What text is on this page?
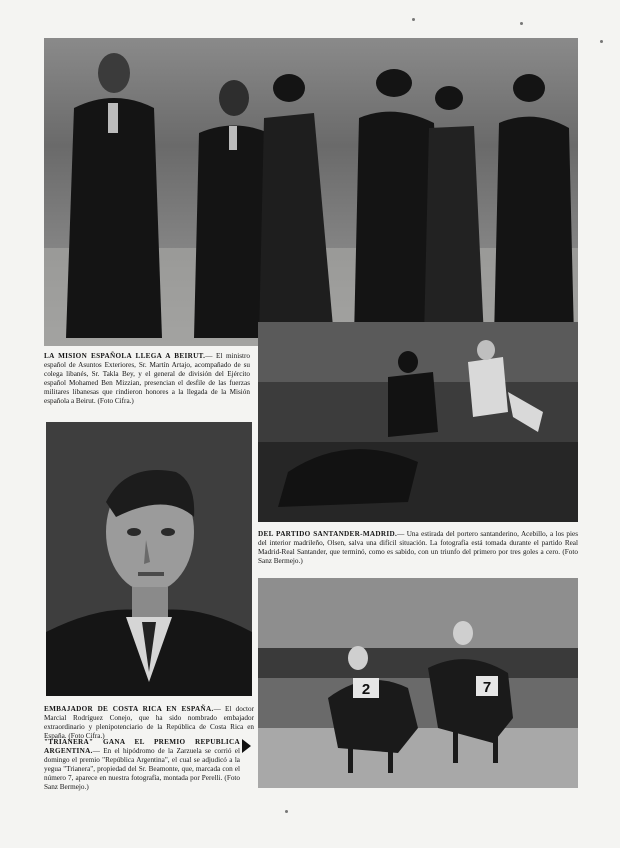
LA MISION ESPAÑOLA LLEGA A BEIRUT.— El ministro español de Asuntos Exteriores, Sr. Martín Artajo, acompañado de su colega libanés, Sr. Takla Bey, y el general de división del Ejército español Mohamed Ben Mizzian, presencian el desfile de las fuerzas militares libanesas que rindieron honores a la llegada de la Misión española a Beirut. (Foto Cifra.)
DEL PARTIDO SANTANDER-MADRID.— Una estirada del portero santanderino, Acebillo, a los pies del interior madrileño, Olsen, salva una difícil situación. La fotografía está tomada durante el partido Real Madrid-Real Santander, que terminó, como es sabido, con un triunfo del primero por tres goles a cero. (Foto Sanz Bermejo.)
EMBAJADOR DE COSTA RICA EN ESPAÑA.— El doctor Marcial Rodríguez Conejo, que ha sido nombrado embajador extraordinario y plenipotenciario de la República de Costa Rica en España. (Foto Cifra.)
"TRIANERA" GANA EL PREMIO REPUBLICA ARGENTINA.— En el hipódromo de la Zarzuela se corrió el domingo el premio "República Argentina", el cual se adjudicó a la yegua "Trianera", propiedad del Sr. Beamonte, que, marcada con el número 7, aparece en nuestra fotografía, montada por Perelli. (Foto Sanz Bermejo.)
2	7
